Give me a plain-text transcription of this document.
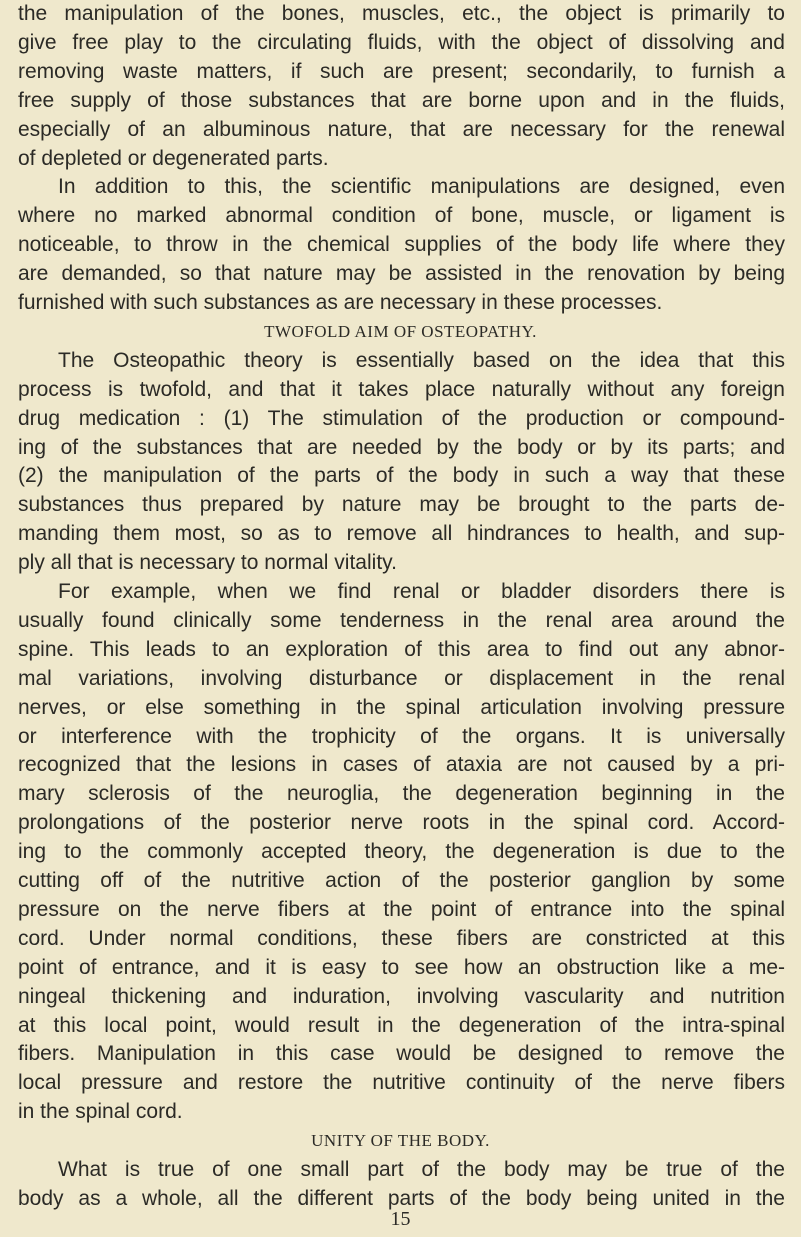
the manipulation of the bones, muscles, etc., the object is primarily to
give free play to the circulating fluids, with the object of dissolving and
removing waste matters, if such are present; secondarily, to furnish a
free supply of those substances that are borne upon and in the fluids,
especially of an albuminous nature, that are necessary for the renewal
of depleted or degenerated parts.
In addition to this, the scientific manipulations are designed, even
where no marked abnormal condition of bone, muscle, or ligament is
noticeable, to throw in the chemical supplies of the body life where they
are demanded, so that nature may be assisted in the renovation by being
furnished with such substances as are necessary in these processes.
TWOFOLD AIM OF OSTEOPATHY.
The Osteopathic theory is essentially based on the idea that this
process is twofold, and that it takes place naturally without any foreign
drug medication : (1) The stimulation of the production or compound-
ing of the substances that are needed by the body or by its parts; and
(2) the manipulation of the parts of the body in such a way that these
substances thus prepared by nature may be brought to the parts de-
manding them most, so as to remove all hindrances to health, and sup-
ply all that is necessary to normal vitality.
For example, when we find renal or bladder disorders there is
usually found clinically some tenderness in the renal area around the
spine. This leads to an exploration of this area to find out any abnor-
mal variations, involving disturbance or displacement in the renal
nerves, or else something in the spinal articulation involving pressure
or interference with the trophicity of the organs. It is universally
recognized that the lesions in cases of ataxia are not caused by a pri-
mary sclerosis of the neuroglia, the degeneration beginning in the
prolongations of the posterior nerve roots in the spinal cord. Accord-
ing to the commonly accepted theory, the degeneration is due to the
cutting off of the nutritive action of the posterior ganglion by some
pressure on the nerve fibers at the point of entrance into the spinal
cord. Under normal conditions, these fibers are constricted at this
point of entrance, and it is easy to see how an obstruction like a me-
ningeal thickening and induration, involving vascularity and nutrition
at this local point, would result in the degeneration of the intra-spinal
fibers. Manipulation in this case would be designed to remove the
local pressure and restore the nutritive continuity of the nerve fibers
in the spinal cord.
UNITY OF THE BODY.
What is true of one small part of the body may be true of the
body as a whole, all the different parts of the body being united in the
15
